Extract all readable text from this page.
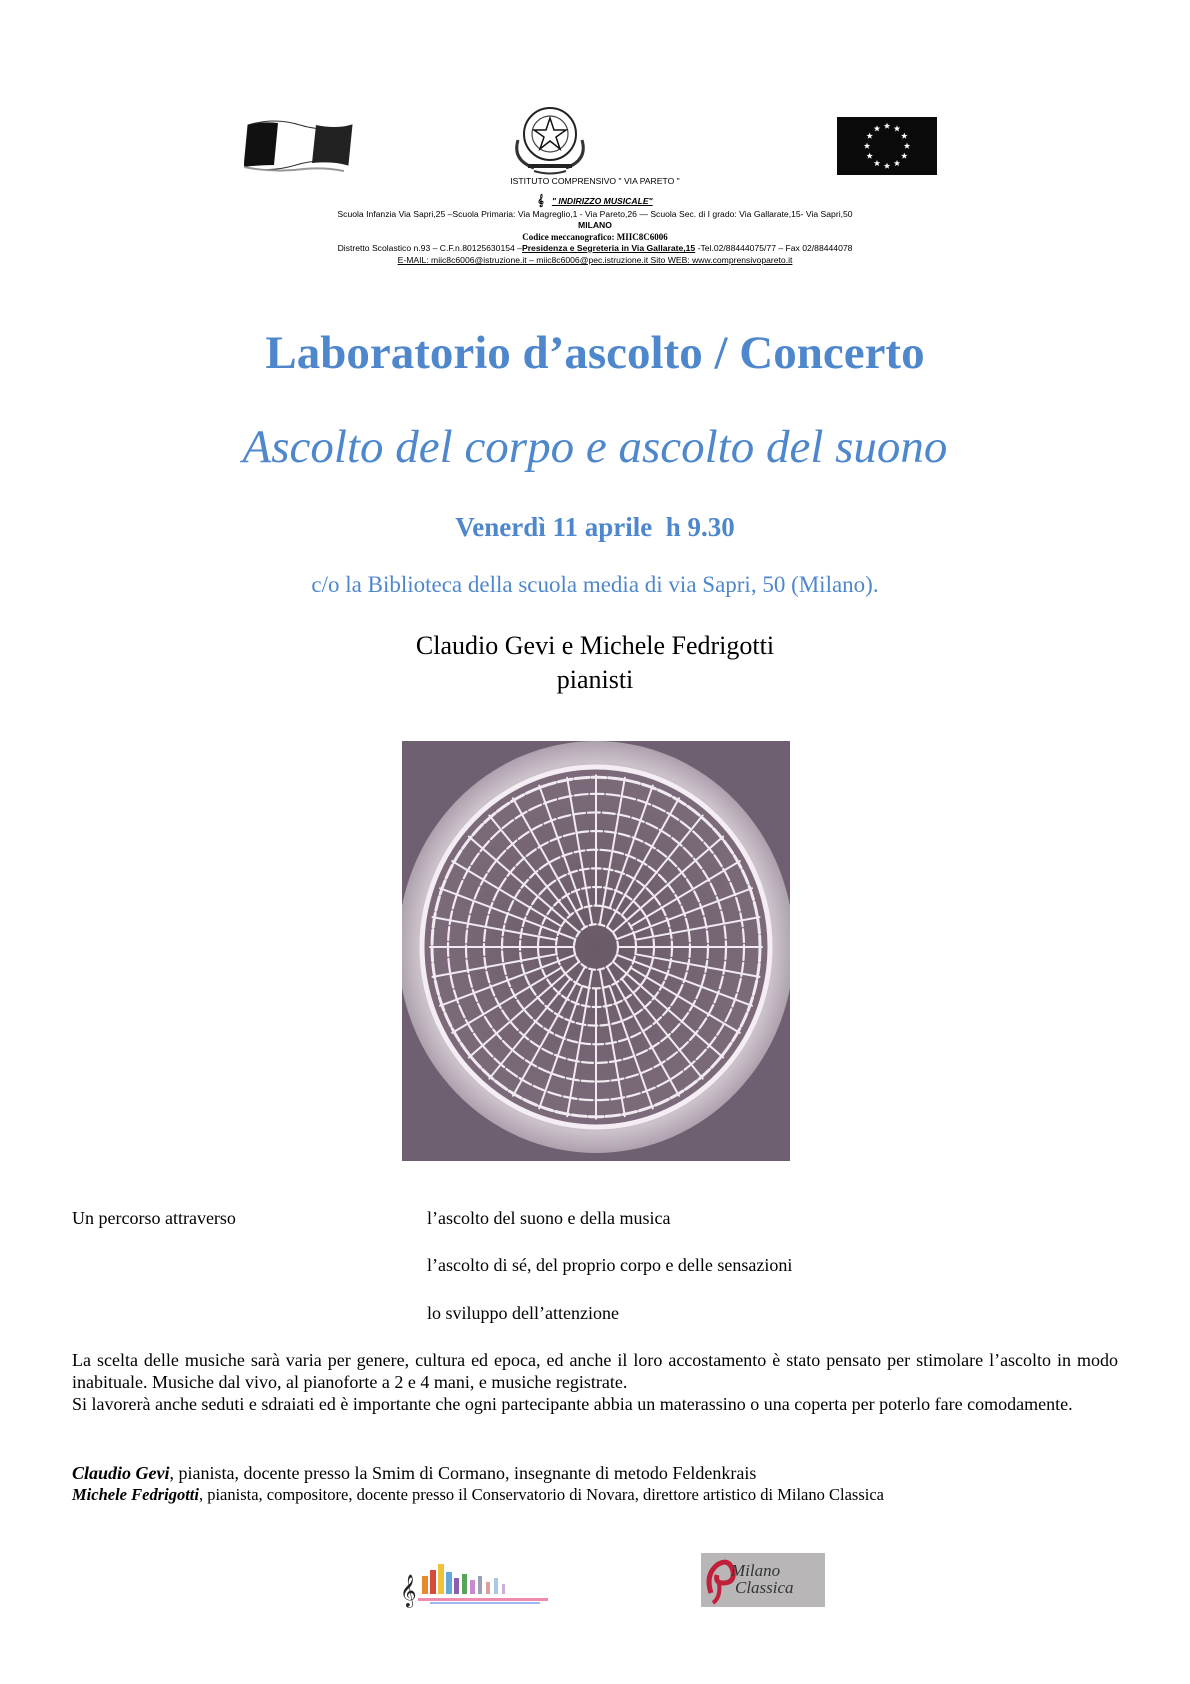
ISTITUTO COMPRENSIVO " VIA PARETO "
𝄞 " INDIRIZZO MUSICALE"
Scuola Infanzia Via Sapri,25 –Scuola Primaria: Via Magreglio,1 - Via Pareto,26 — Scuola Sec. di I grado: Via Gallarate,15- Via Sapri,50
MILANO
Codice meccanografico: MIIC8C6006
Distretto Scolastico n.93 – C.F.n.80125630154 –Presidenza e Segreteria in Via Gallarate,15 -Tel.02/88444075/77 – Fax 02/88444078
E-MAIL: miic8c6006@istruzione.it – miic8c6006@pec.istruzione.it Sito WEB: www.comprensivopareto.it
Laboratorio d’ascolto / Concerto
Ascolto del corpo e ascolto del suono
Venerdì 11 aprile  h 9.30
c/o la Biblioteca della scuola media di via Sapri, 50 (Milano).
Claudio Gevi e Michele Fedrigotti
pianisti
Un percorso attraverso	l’ascolto del suono e della musica
l’ascolto di sé, del proprio corpo e delle sensazioni
lo sviluppo dell’attenzione

La scelta delle musiche sarà varia per genere, cultura ed epoca, ed anche il loro accostamento è stato pensato per stimolare l’ascolto in modo inabituale. Musiche dal vivo, al pianoforte a 2 e 4 mani, e musiche registrate.

Si lavorerà anche seduti e sdraiati ed è importante che ogni partecipante abbia un materassino o una coperta per poterlo fare comodamente.

Claudio Gevi, pianista, docente presso la Smim di Cormano, insegnante di metodo Feldenkrais
Michele Fedrigotti, pianista, compositore, docente presso il Conservatorio di Novara, direttore artistico di Milano Classica
𝄞
Milano
Classica
